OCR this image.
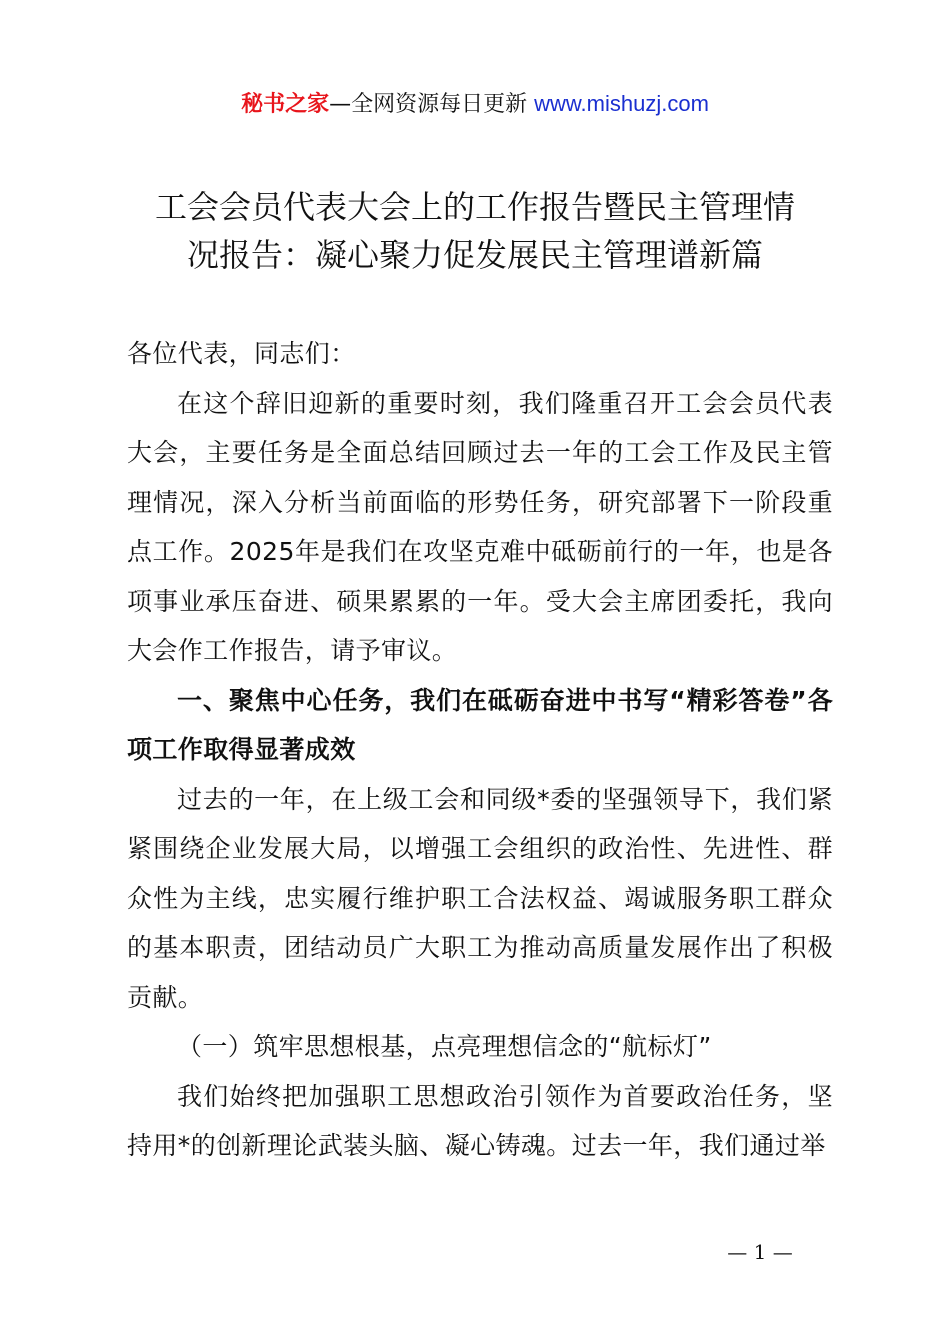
秘书之家—全网资源每日更新 www.mishuzj.com
工会会员代表大会上的工作报告暨民主管理情
况报告：凝心聚力促发展民主管理谱新篇

各位代表，同志们：

在这个辞旧迎新的重要时刻，我们隆重召开工会会员代表大会，主要任务是全面总结回顾过去一年的工会工作及民主管理情况，深入分析当前面临的形势任务，研究部署下一阶段重点工作。2025年是我们在攻坚克难中砥砺前行的一年，也是各项事业承压奋进、硕果累累的一年。受大会主席团委托，我向大会作工作报告，请予审议。

一、聚焦中心任务，我们在砥砺奋进中书写“精彩答卷”各项工作取得显著成效

过去的一年，在上级工会和同级*委的坚强领导下，我们紧紧围绕企业发展大局，以增强工会组织的政治性、先进性、群众性为主线，忠实履行维护职工合法权益、竭诚服务职工群众的基本职责，团结动员广大职工为推动高质量发展作出了积极贡献。

（一）筑牢思想根基，点亮理想信念的“航标灯”

我们始终把加强职工思想政治引领作为首要政治任务，坚持用*的创新理论武装头脑、凝心铸魂。过去一年，我们通过举

— 1 —
